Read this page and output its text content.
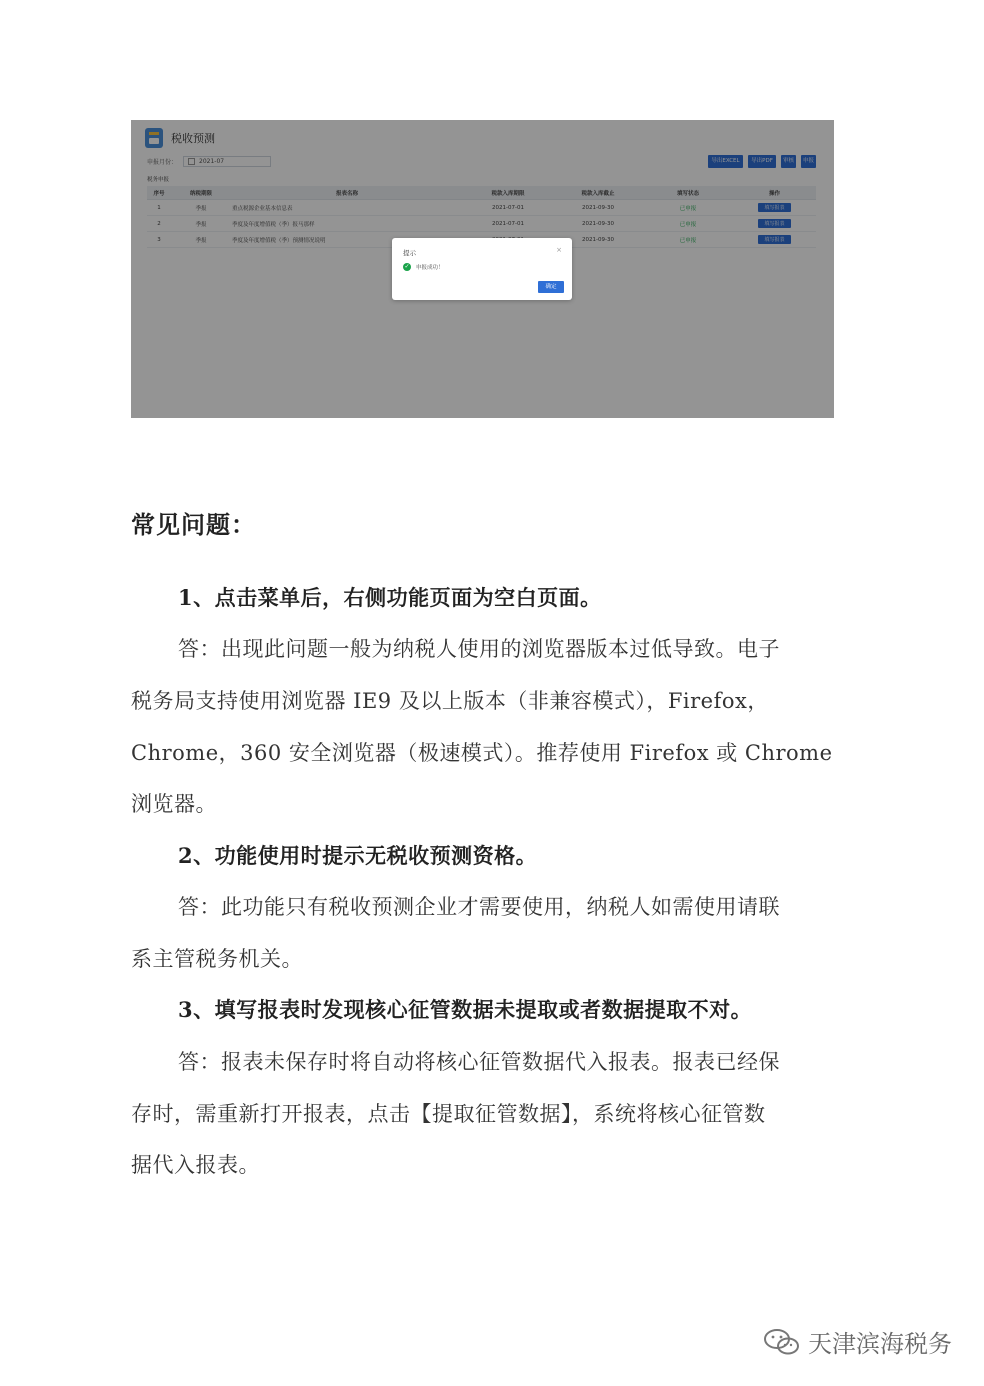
税收预测
申报月份：	2021-07	导出EXCEL	导出PDF	审核	申报
税务申报
序号	纳税期限	报表名称	税款入库期限	税款入库截止	填写状态	操作
1	季报	重点税源企业基本信息表	2021-07-01	2021-09-30	已申报	填写报表
2	季报	季度及年度增值税（季）报马那样	2021-07-01	2021-09-30	已申报	填写报表
3	季报	季度及年度增值税（季）预测情况说明		2021-09-30	已申报	填写报表
提示	×
✓ 申报成功！
确定
常见问题：
1、点击菜单后，右侧功能页面为空白页面。
答：出现此问题一般为纳税人使用的浏览器版本过低导致。电子
税务局支持使用浏览器 IE9 及以上版本（非兼容模式），Firefox，
Chrome，360 安全浏览器（极速模式）。推荐使用 Firefox 或 Chrome
浏览器。
2、功能使用时提示无税收预测资格。
答：此功能只有税收预测企业才需要使用，纳税人如需使用请联
系主管税务机关。
3、填写报表时发现核心征管数据未提取或者数据提取不对。
答：报表未保存时将自动将核心征管数据代入报表。报表已经保
存时，需重新打开报表，点击【提取征管数据】，系统将核心征管数
据代入报表。
天津滨海税务
